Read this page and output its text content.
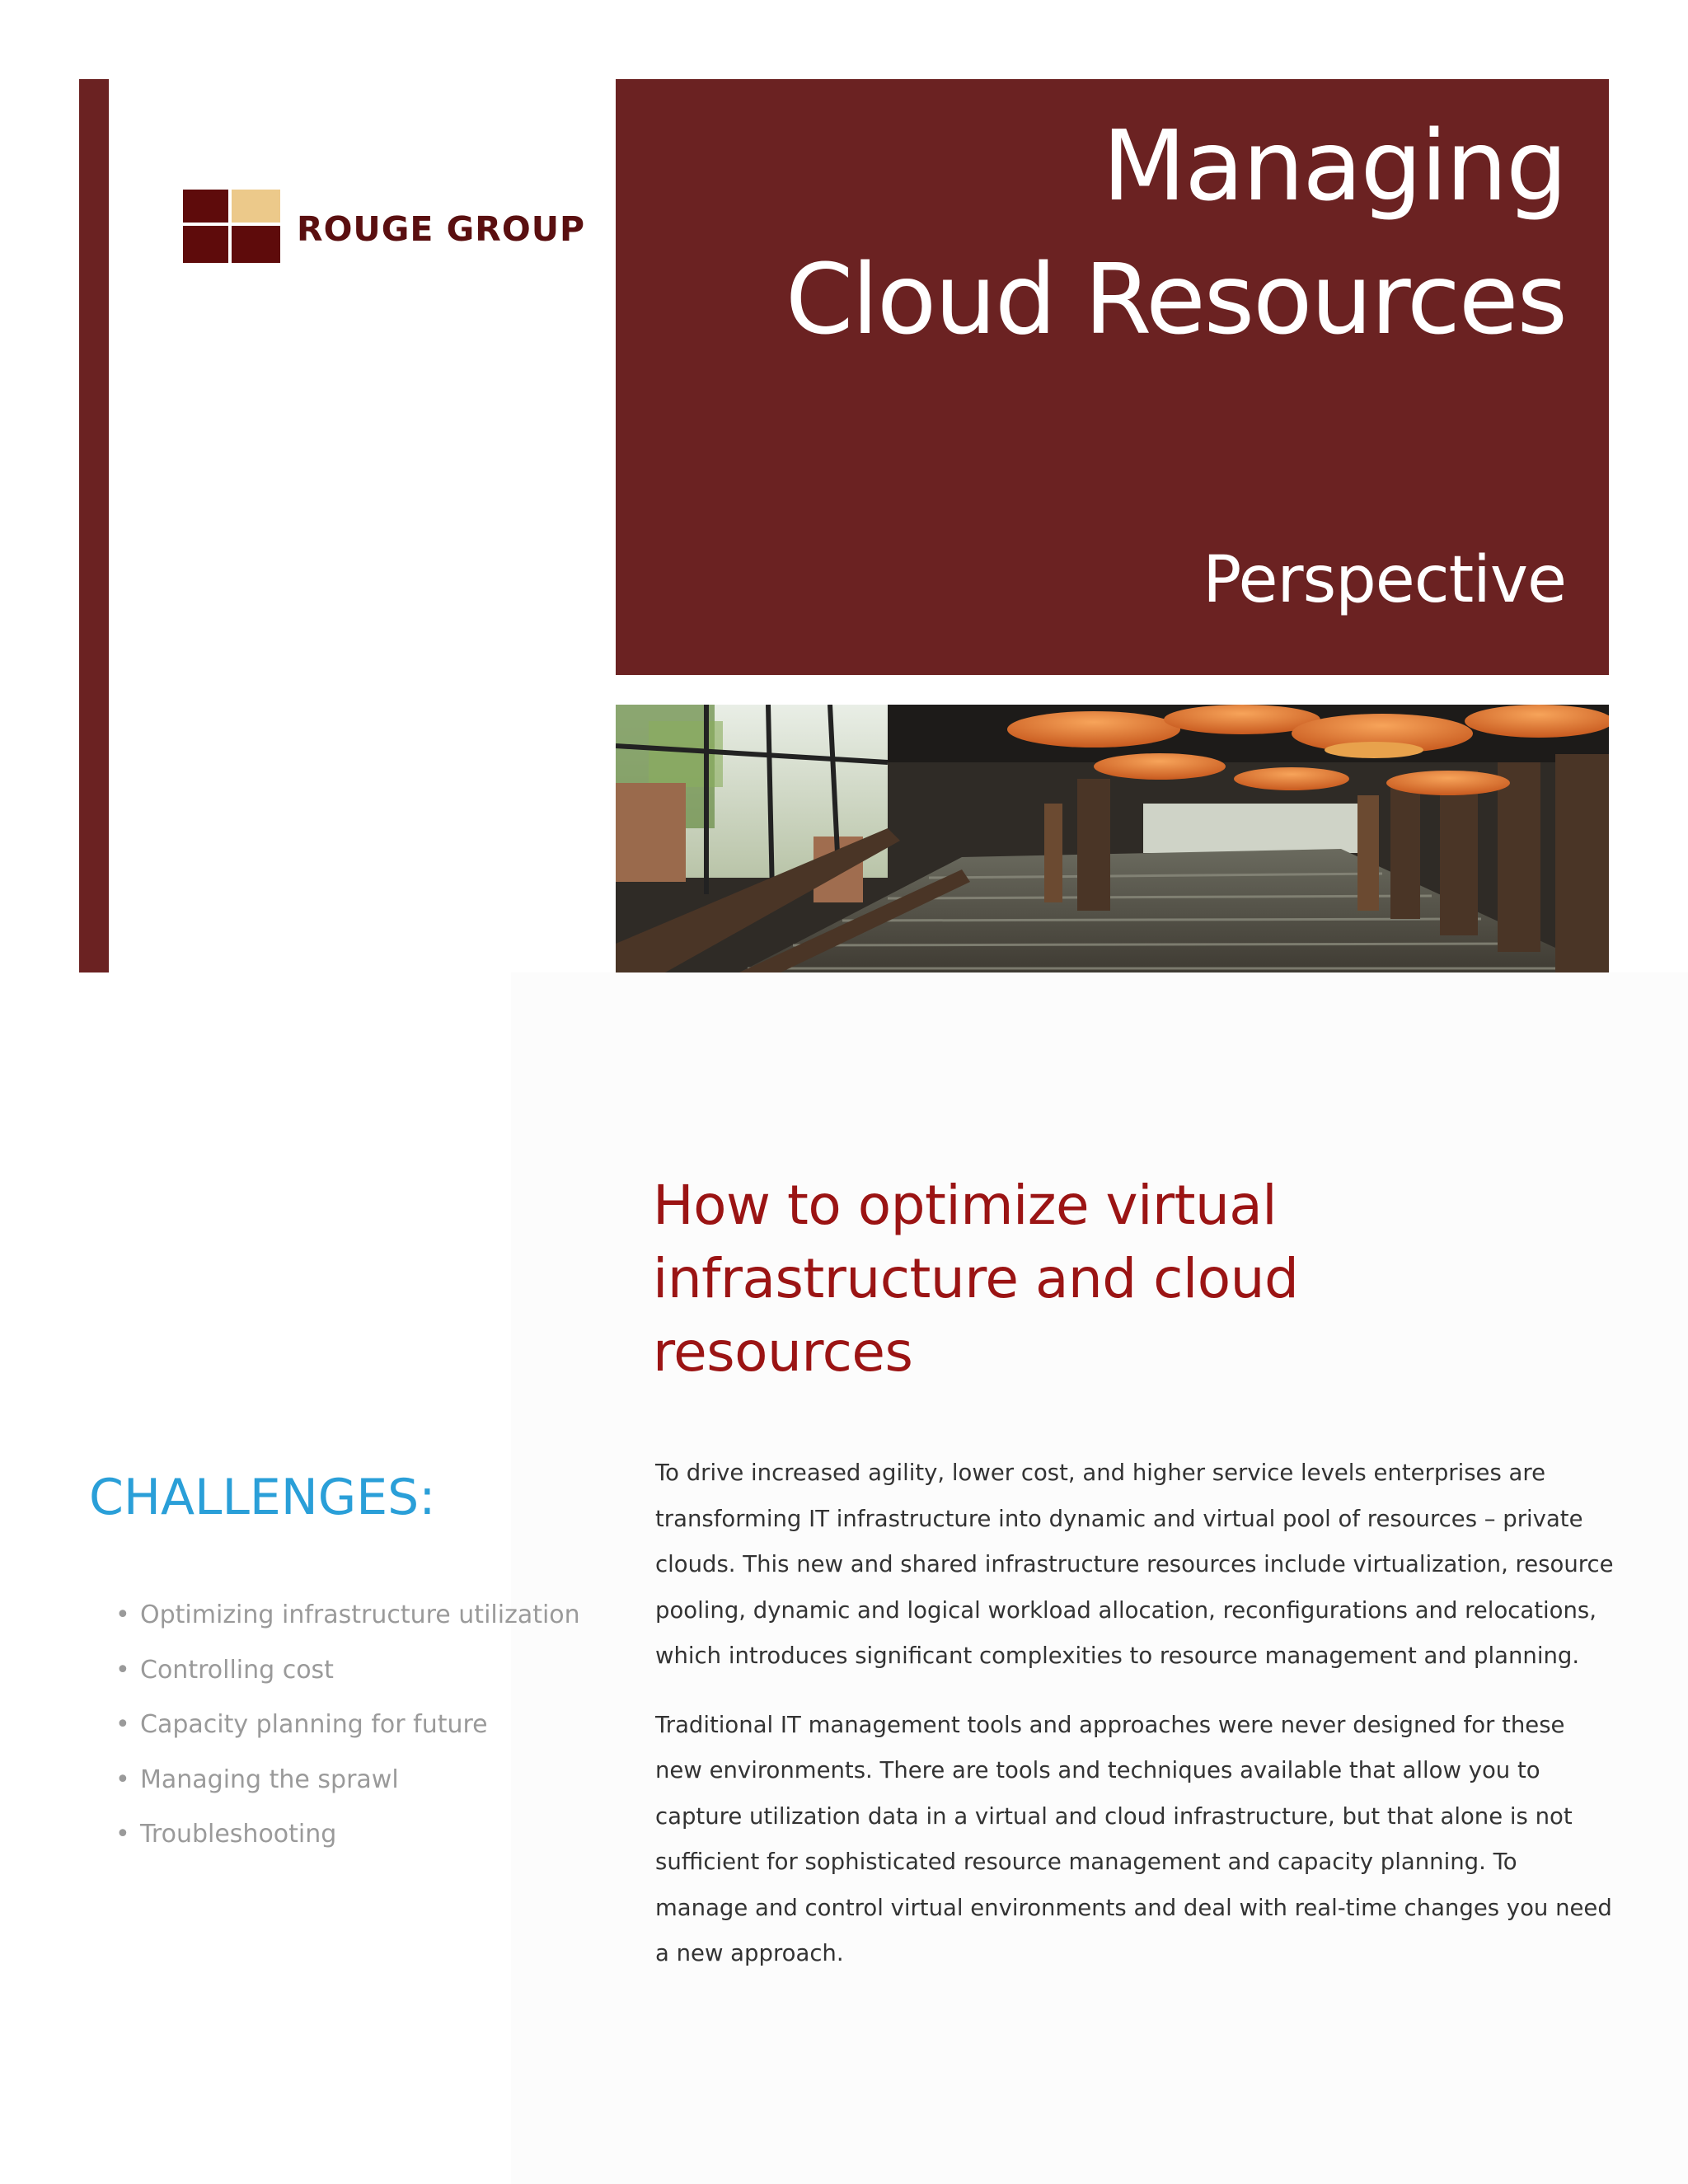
ROUGE GROUP
Managing
Cloud Resources
Perspective
How to optimize virtual
infrastructure and cloud
resources
CHALLENGES:
• Optimizing infrastructure utilization
• Controlling cost
• Capacity planning for future
• Managing the sprawl
• Troubleshooting

To drive increased agility, lower cost, and higher service levels enterprises are transforming IT infrastructure into dynamic and virtual pool of resources – private clouds. This new and shared infrastructure resources include virtualization, resource pooling, dynamic and logical workload allocation, reconfigurations and relocations, which introduces significant complexities to resource management and planning.

Traditional IT management tools and approaches were never designed for these new environments. There are tools and techniques available that allow you to capture utilization data in a virtual and cloud infrastructure, but that alone is not sufficient for sophisticated resource management and capacity planning. To manage and control virtual environments and deal with real-time changes you need a new approach.
